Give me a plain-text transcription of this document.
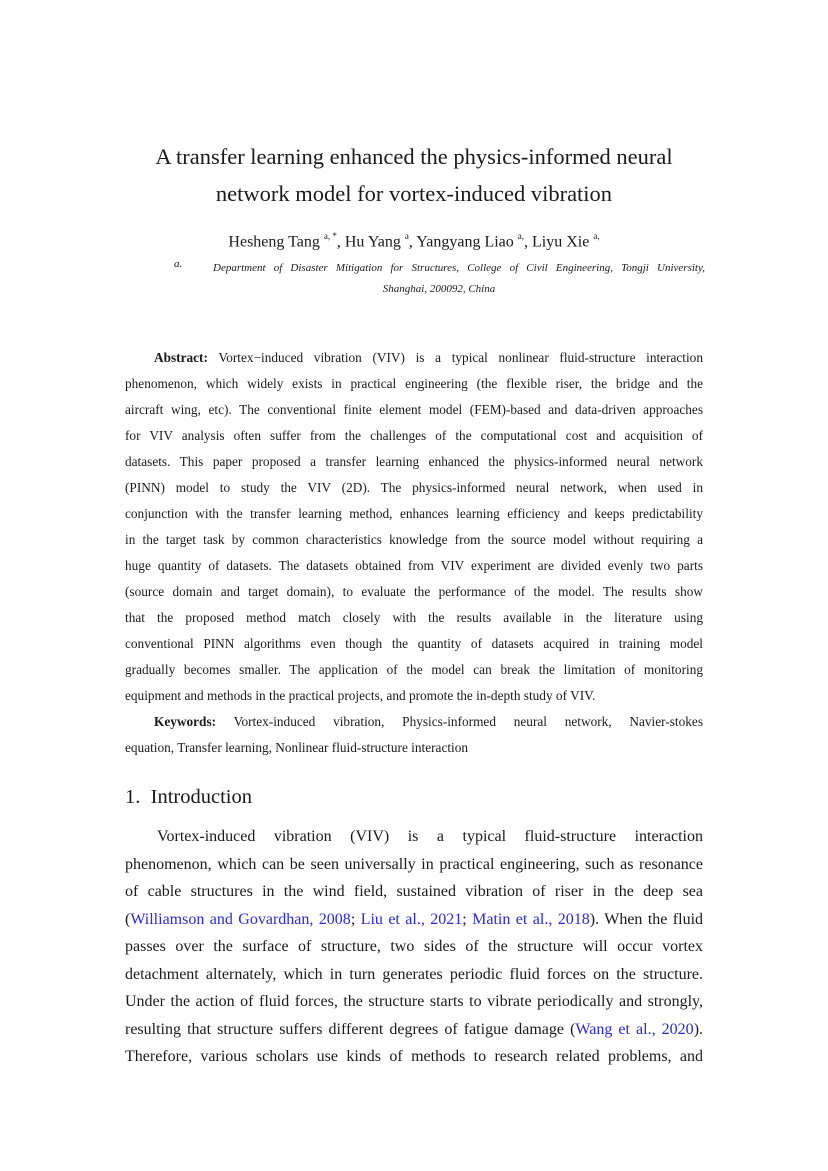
A transfer learning enhanced the physics-informed neural
network model for vortex-induced vibration
Hesheng Tang $^{a, *}$, Hu Yang $^a$, Yangyang Liao $^{a,}$, Liyu Xie $^{a,}$
a.	Department of Disaster Mitigation for Structures, College of Civil Engineering, Tongji University,
Shanghai, 200092, China
Abstract: Vortex−induced vibration (VIV) is a typical nonlinear fluid-structure interaction
phenomenon, which widely exists in practical engineering (the flexible riser, the bridge and the
aircraft wing, etc). The conventional finite element model (FEM)-based and data-driven approaches
for VIV analysis often suffer from the challenges of the computational cost and acquisition of
datasets. This paper proposed a transfer learning enhanced the physics-informed neural network
(PINN) model to study the VIV (2D). The physics-informed neural network, when used in
conjunction with the transfer learning method, enhances learning efficiency and keeps predictability
in the target task by common characteristics knowledge from the source model without requiring a
huge quantity of datasets. The datasets obtained from VIV experiment are divided evenly two parts
(source domain and target domain), to evaluate the performance of the model. The results show
that the proposed method match closely with the results available in the literature using
conventional PINN algorithms even though the quantity of datasets acquired in training model
gradually becomes smaller. The application of the model can break the limitation of monitoring
equipment and methods in the practical projects, and promote the in-depth study of VIV.
Keywords: Vortex-induced vibration, Physics-informed neural network, Navier-stokes
equation, Transfer learning, Nonlinear fluid-structure interaction
1. Introduction
Vortex-induced vibration (VIV) is a typical fluid-structure interaction
phenomenon, which can be seen universally in practical engineering, such as resonance
of cable structures in the wind field, sustained vibration of riser in the deep sea
(Williamson and Govardhan, 2008; Liu et al., 2021; Matin et al., 2018). When the fluid
passes over the surface of structure, two sides of the structure will occur vortex
detachment alternately, which in turn generates periodic fluid forces on the structure.
Under the action of fluid forces, the structure starts to vibrate periodically and strongly,
resulting that structure suffers different degrees of fatigue damage (Wang et al., 2020).
Therefore, various scholars use kinds of methods to research related problems, and
